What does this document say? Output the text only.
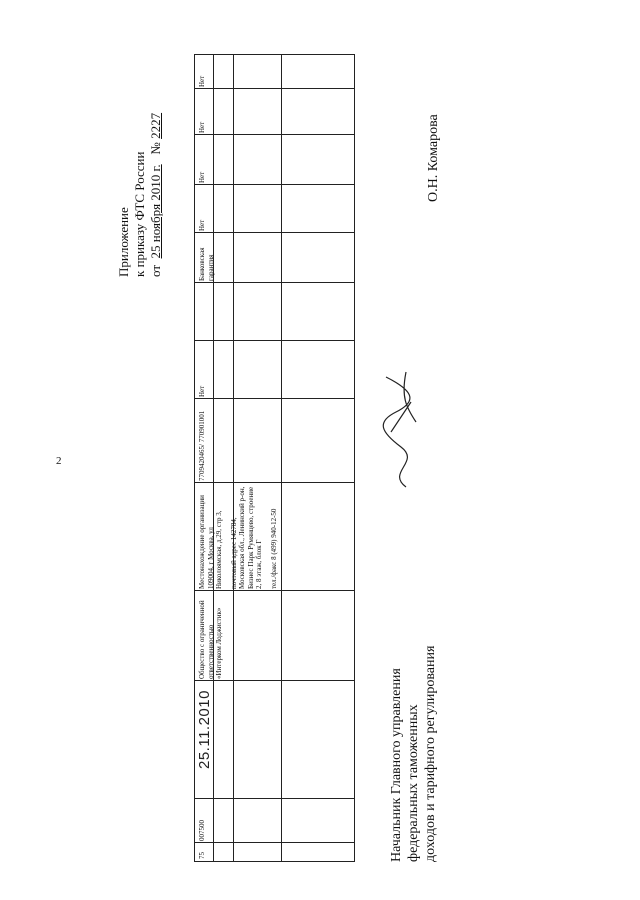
2
Приложение к приказу ФТС России от  25 ноября 2010 г.   № 2227
75
007500
25.11.2010
Общество с ограниченной ответственностью «Интерком Лоджистик»
Местонахождение организации 109004, г Москва, ул Николоямская, д.29, стр 3, почтовый адрес 142784, Московская обл., Ленинский р-он, Бизнес Парк Румянцево, строение 2, 8 этаж, блок Г тел./факс 8 (499) 940-12-50
7709420465/ 770901001
Нет
Банковская гарантия
Нет
Нет
Нет
Нет
Начальник Главного управления федеральных таможенных доходов и тарифного регулирования
О.Н. Комарова
